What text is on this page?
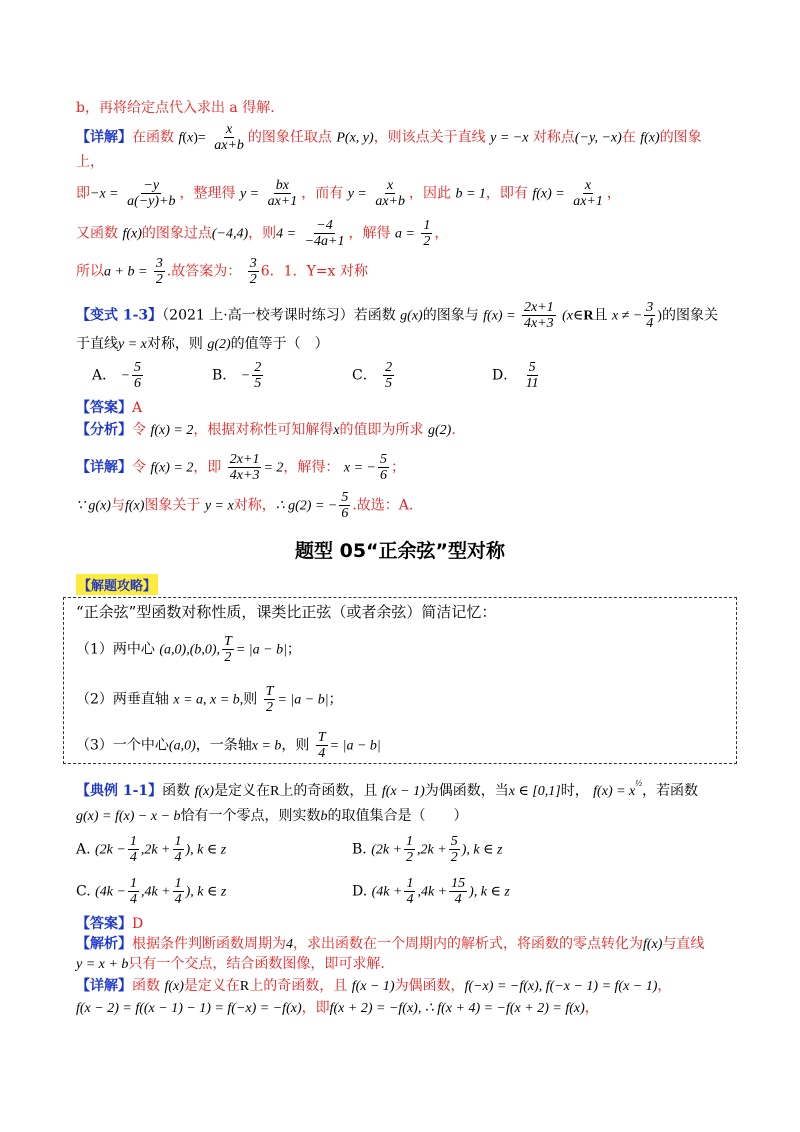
b，再将给定点代入求出 a 得解.
【详解】在函数 $f(x)= \frac{x}{ax+b}$ 的图象任取点 P(x, y)，则该点关于直线 y = −x 对称点(−y, −x)在 f(x)的图象
上，
即$-x = \frac{-y}{a(-y)+b}$ ，整理得 $y = \frac{bx}{ax+1}$ ，而有 $y = \frac{x}{ax+b}$ ，因此 b = 1，即有 $f(x) = \frac{x}{ax+1}$ ，
又函数 f(x)的图象过点(−4,4)，则$4 = \frac{-4}{-4a+1}$ ，解得 $a = \frac{1}{2}$ ，
所以$a + b = \frac{3}{2}$ .故答案为： $\frac{3}{2} 6$．1．Y=x 对称
【变式 1-3】（2021 上·高一校考课时练习）若函数 g(x)的图象与 $f(x) = \frac{2x+1}{4x+3}$ (x∈R且 x ≠ − $\frac{3}{4}$ )的图象关
于直线y = x对称，则 g(2)的值等于（　）
A． − $\frac{5}{6}$	B． − $\frac{2}{5}$	C． $\frac{2}{5}$	D． $\frac{5}{11}$
【答案】A
【分析】令 f(x) = 2，根据对称性可知解得x的值即为所求 g(2).
【详解】令 f(x) = 2，即 $\frac{2x+1}{4x+3} = 2$，解得： x = − $\frac{5}{6}$ ；
∵ g(x)与f(x)图象关于 y = x对称，∴ g(2) = − $\frac{5}{6}$ .故选：A.
题型 05“正余弦”型对称
【解题攻略】
“正余弦”型函数对称性质，课类比正弦（或者余弦）简洁记忆：
（1）两中心 (a,0),(b,0), $\frac{T}{2} = |a - b|$；
（2）两垂直轴 x = a, x = b,则 $\frac{T}{2} = |a - b|$；
（3）一个中心(a,0)，一条轴x = b，则 $\frac{T}{4} = |a - b|$
【典例 1-1】函数 f(x)是定义在R上的奇函数，且 f(x − 1)为偶函数，当x ∈ [0,1]时， $f(x) = x^{\frac{1}{2}}$，若函数
g(x) = f(x) − x − b恰有一个零点，则实数b的取值集合是（　　）
A. ($2k - \frac{1}{4} ,2k + \frac{1}{4}$ ), k ∈ z	B. ($2k + \frac{1}{2} ,2k + \frac{5}{2}$ ), k ∈ z
C. ($4k - \frac{1}{4} ,4k + \frac{1}{4}$ ), k ∈ z	D. ($4k + \frac{1}{4} ,4k + \frac{15}{4}$ ), k ∈ z
【答案】D
【解析】根据条件判断函数周期为4，求出函数在一个周期内的解析式，将函数的零点转化为f(x)与直线
y = x + b只有一个交点，结合函数图像，即可求解.
【详解】函数 f(x)是定义在R上的奇函数，且 f(x − 1)为偶函数，f(−x) = −f(x), f(−x − 1) = f(x − 1)，
f(x − 2) = f((x − 1) − 1) = f(−x) = −f(x)，即f(x + 2) = −f(x), ∴ f(x + 4) = −f(x + 2) = f(x)，
